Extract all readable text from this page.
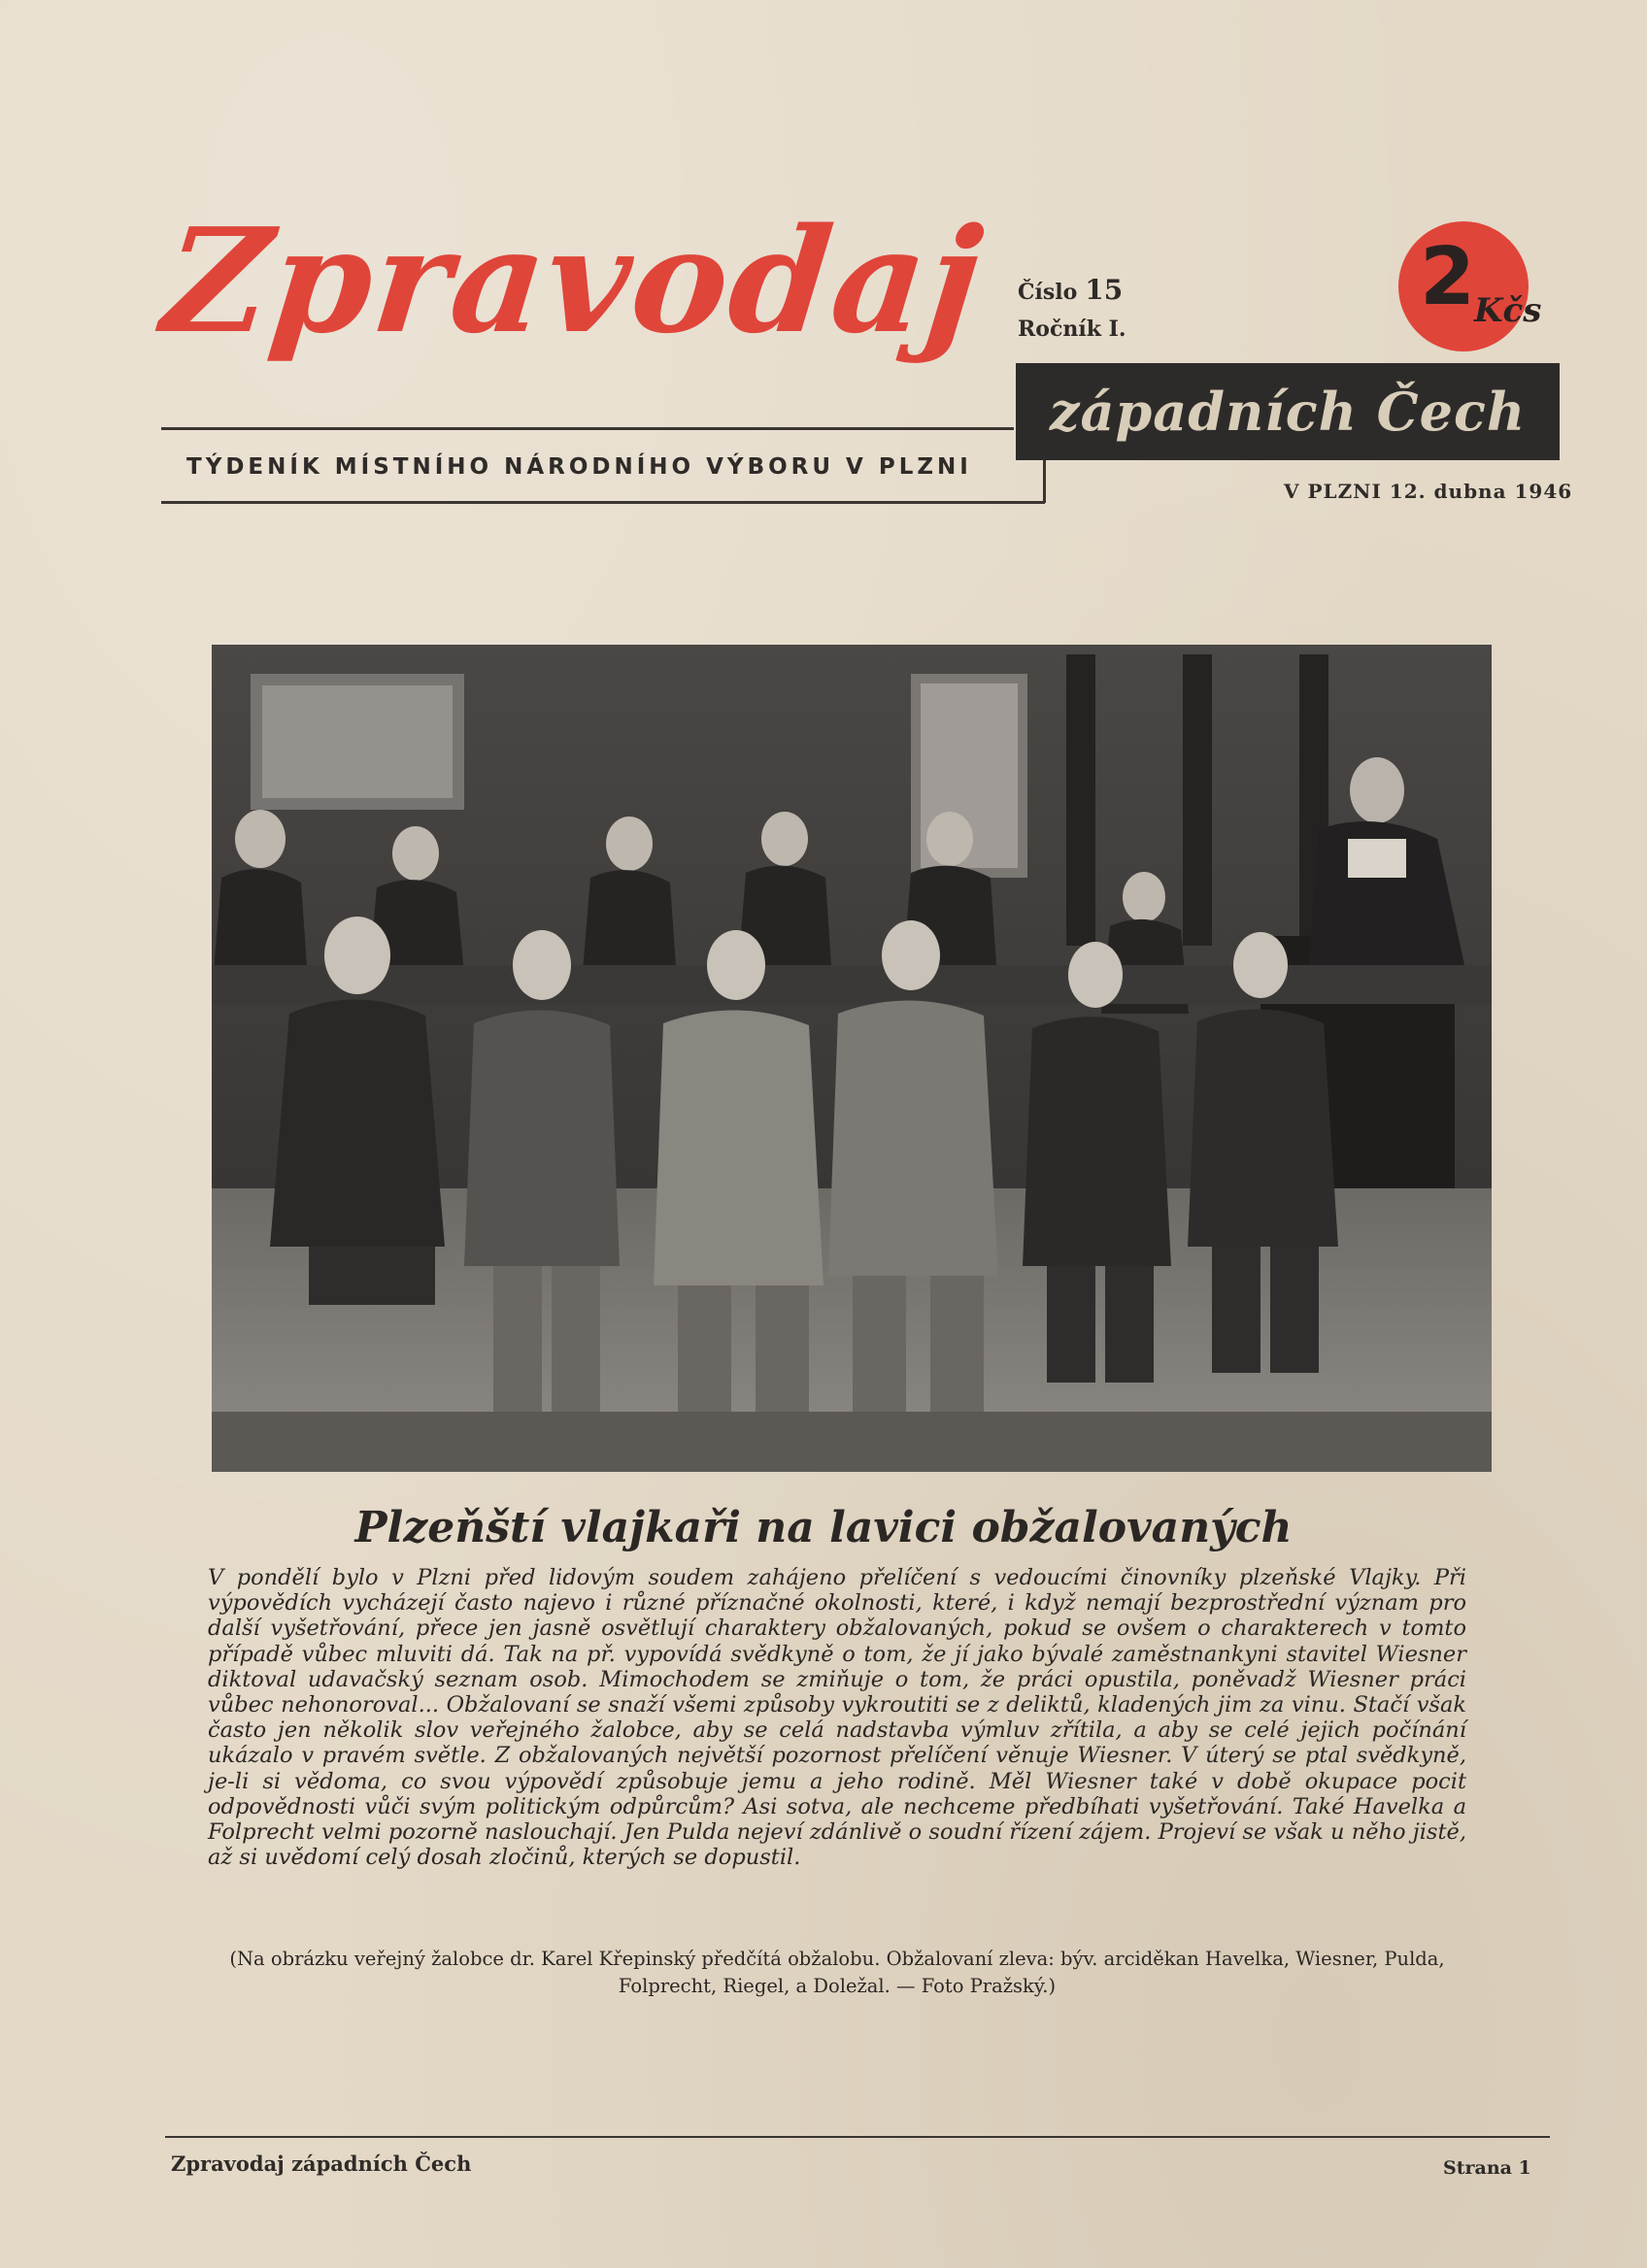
Zpravodaj Číslo 15
Ročník I.
2
Kčs
západních Čech
TÝDENÍK MÍSTNÍHO NÁRODNÍHO VÝBORU V PLZNI
V PLZNI 12. dubna 1946
Plzeňští vlajkaři na lavici obžalovaných

V pondělí bylo v Plzni před lidovým soudem zahájeno přelíčení s vedoucími činovníky plzeňské Vlajky. Při výpovědích vycházejí často najevo i různé příznačné okolnosti, které, i když nemají bezprostřední význam pro další vyšetřování, přece jen jasně osvětlují charaktery obžalovaných, pokud se ovšem o charakterech v tomto případě vůbec mluviti dá. Tak na př. vypovídá svědkyně o tom, že jí jako bývalé zaměstnankyni stavitel Wiesner diktoval udavačský seznam osob. Mimochodem se zmiňuje o tom, že práci opustila, poněvadž Wiesner práci vůbec nehonoroval... Obžalovaní se snaží všemi způsoby vykroutiti se z deliktů, kladených jim za vinu. Stačí však často jen několik slov veřejného žalobce, aby se celá nadstavba výmluv zřítila, a aby se celé jejich počínání ukázalo v pravém světle. Z obžalovaných největší pozornost přelíčení věnuje Wiesner. V úterý se ptal svědkyně, je-li si vědoma, co svou výpovědí způsobuje jemu a jeho rodině. Měl Wiesner také v době okupace pocit odpovědnosti vůči svým politickým odpůrcům? Asi sotva, ale nechceme předbíhati vyšetřování. Také Havelka a Folprecht velmi pozorně naslouchají. Jen Pulda nejeví zdánlivě o soudní řízení zájem. Projeví se však u něho jistě, až si uvědomí celý dosah zločinů, kterých se dopustil.

(Na obrázku veřejný žalobce dr. Karel Křepinský předčítá obžalobu. Obžalovaní zleva: býv. arciděkan Havelka, Wiesner, Pulda, Folprecht, Riegel, a Doležal. — Foto Pražský.)

Zpravodaj západních Čech	Strana 1
